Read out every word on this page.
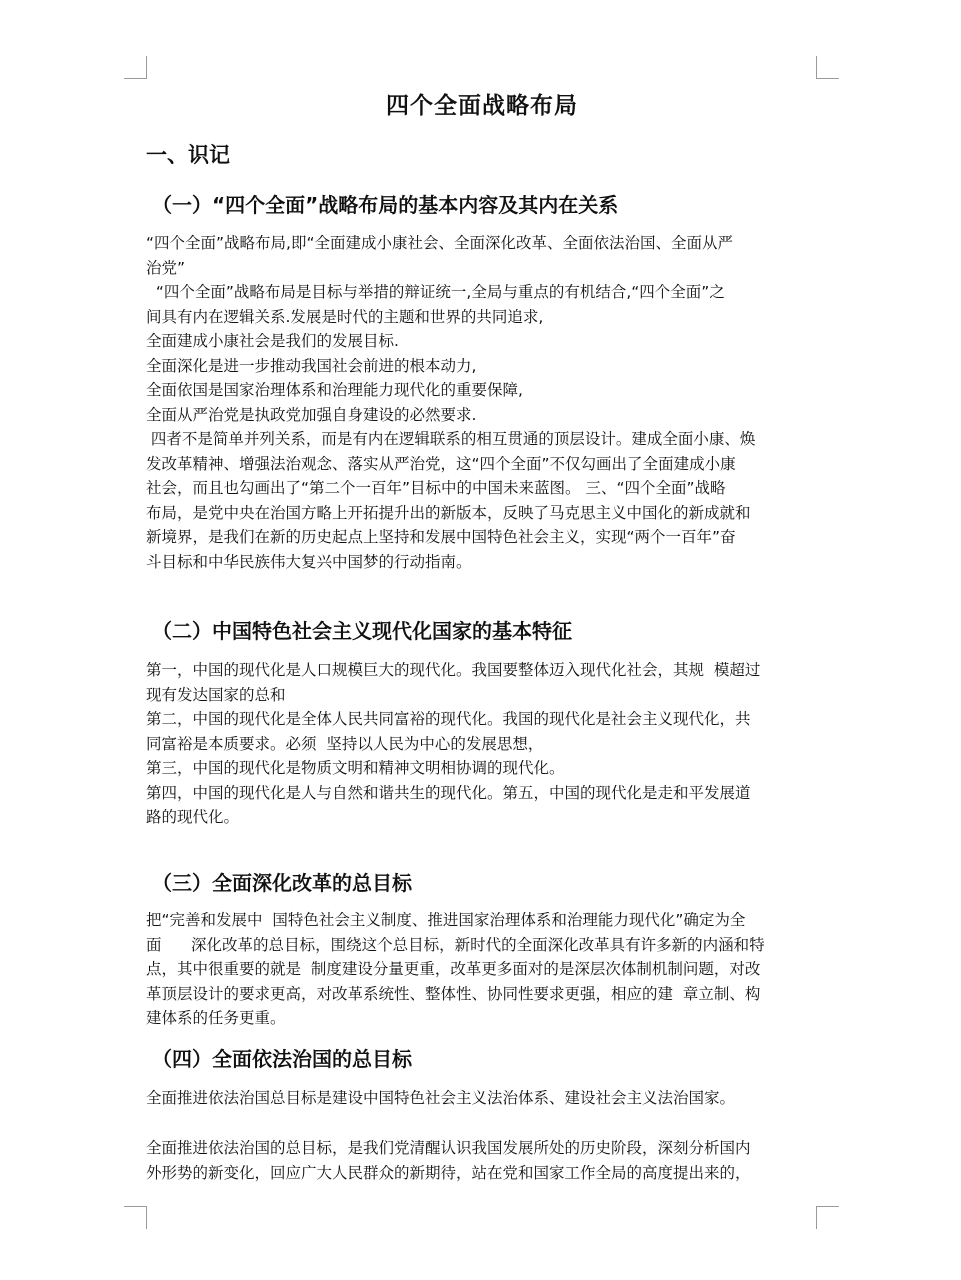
四个全面战略布局
一、识记
（一）“四个全面”战略布局的基本内容及其内在关系
“四个全面”战略布局,即“全面建成小康社会、全面深化改革、全面依法治国、全面从严
治党”
“四个全面”战略布局是目标与举措的辩证统一,全局与重点的有机结合,“四个全面”之
间具有内在逻辑关系.发展是时代的主题和世界的共同追求,
全面建成小康社会是我们的发展目标.
全面深化是进一步推动我国社会前进的根本动力,
全面依国是国家治理体系和治理能力现代化的重要保障,
全面从严治党是执政党加强自身建设的必然要求.
四者不是简单并列关系，而是有内在逻辑联系的相互贯通的顶层设计。建成全面小康、焕
发改革精神、增强法治观念、落实从严治党，这“四个全面”不仅勾画出了全面建成小康
社会，而且也勾画出了“第二个一百年”目标中的中国未来蓝图。 三、“四个全面”战略
布局，是党中央在治国方略上开拓提升出的新版本，反映了马克思主义中国化的新成就和
新境界，是我们在新的历史起点上坚持和发展中国特色社会主义，实现“两个一百年”奋
斗目标和中华民族伟大复兴中国梦的行动指南。
（二）中国特色社会主义现代化国家的基本特征
第一，中国的现代化是人口规模巨大的现代化。我国要整体迈入现代化社会，其规  模超过
现有发达国家的总和
第二，中国的现代化是全体人民共同富裕的现代化。我国的现代化是社会主义现代化，共
同富裕是本质要求。必须  坚持以人民为中心的发展思想，
第三，中国的现代化是物质文明和精神文明相协调的现代化。
第四，中国的现代化是人与自然和谐共生的现代化。第五，中国的现代化是走和平发展道
路的现代化。
（三）全面深化改革的总目标
把“完善和发展中  国特色社会主义制度、推进国家治理体系和治理能力现代化”确定为全
面      深化改革的总目标，围绕这个总目标，新时代的全面深化改革具有许多新的内涵和特
点，其中很重要的就是  制度建设分量更重，改革更多面对的是深层次体制机制问题，对改
革顶层设计的要求更高，对改革系统性、整体性、协同性要求更强，相应的建  章立制、构
建体系的任务更重。
（四）全面依法治国的总目标
全面推进依法治国总目标是建设中国特色社会主义法治体系、建设社会主义法治国家。
全面推进依法治国的总目标，是我们党清醒认识我国发展所处的历史阶段，深刻分析国内
外形势的新变化，回应广大人民群众的新期待，站在党和国家工作全局的高度提出来的，
